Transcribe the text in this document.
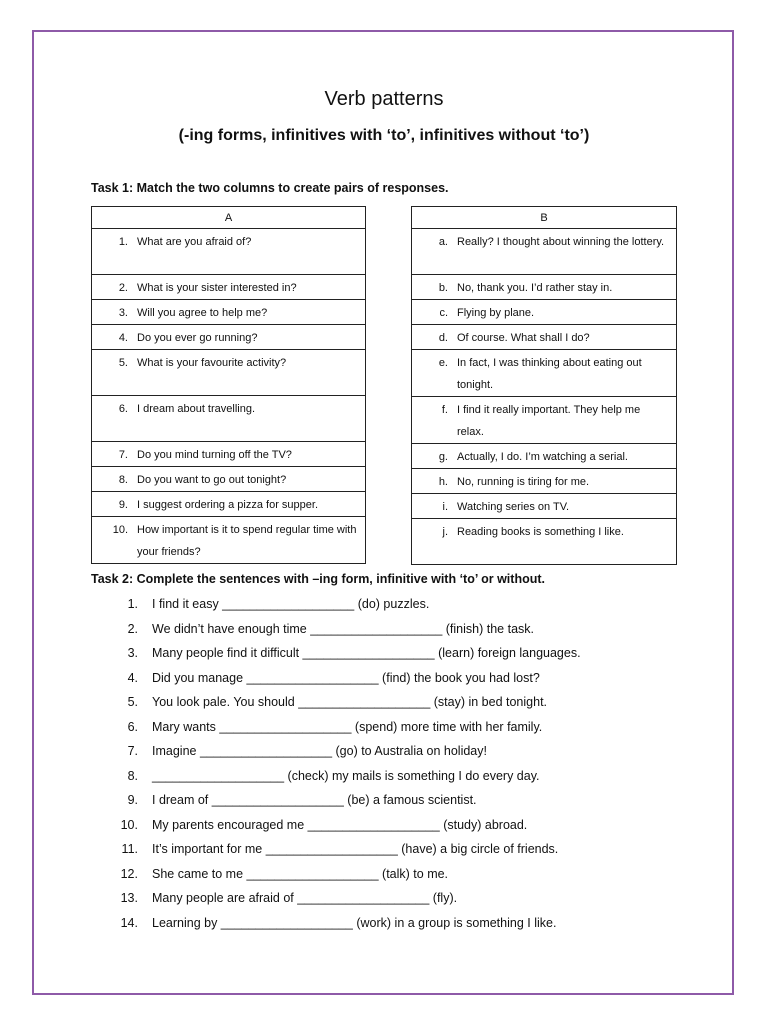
Verb patterns
(-ing forms, infinitives with ‘to’, infinitives without ‘to’)
Task 1: Match the two columns to create pairs of responses.
A

1. What are you afraid of?

2. What is your sister interested in?

3. Will you agree to help me?

4. Do you ever go running?

5. What is your favourite activity?

6. I dream about travelling.

7. Do you mind turning off the TV?

8. Do you want to go out tonight?

9. I suggest ordering a pizza for supper.

10. How important is it to spend regular time with your friends?
B

a. Really? I thought about winning the lottery.

b. No, thank you. I’d rather stay in.

c. Flying by plane.

d. Of course. What shall I do?

e. In fact, I was thinking about eating out tonight.

f. I find it really important. They help me relax.

g. Actually, I do. I’m watching a serial.

h. No, running is tiring for me.

i. Watching series on TV.

j. Reading books is something I like.
Task 2: Complete the sentences with –ing form, infinitive with ‘to’ or without.
1. I find it easy ___________________ (do) puzzles.
2. We didn’t have enough time ___________________ (finish) the task.
3. Many people find it difficult ___________________ (learn) foreign languages.
4. Did you manage ___________________ (find) the book you had lost?
5. You look pale. You should ___________________ (stay) in bed tonight.
6. Mary wants ___________________ (spend) more time with her family.
7. Imagine ___________________ (go) to Australia on holiday!
8. ___________________ (check) my mails is something I do every day.
9. I dream of ___________________ (be) a famous scientist.
10. My parents encouraged me ___________________ (study) abroad.
11. It’s important for me ___________________ (have) a big circle of friends.
12. She came to me ___________________ (talk) to me.
13. Many people are afraid of ___________________ (fly).
14. Learning by ___________________ (work) in a group is something I like.
